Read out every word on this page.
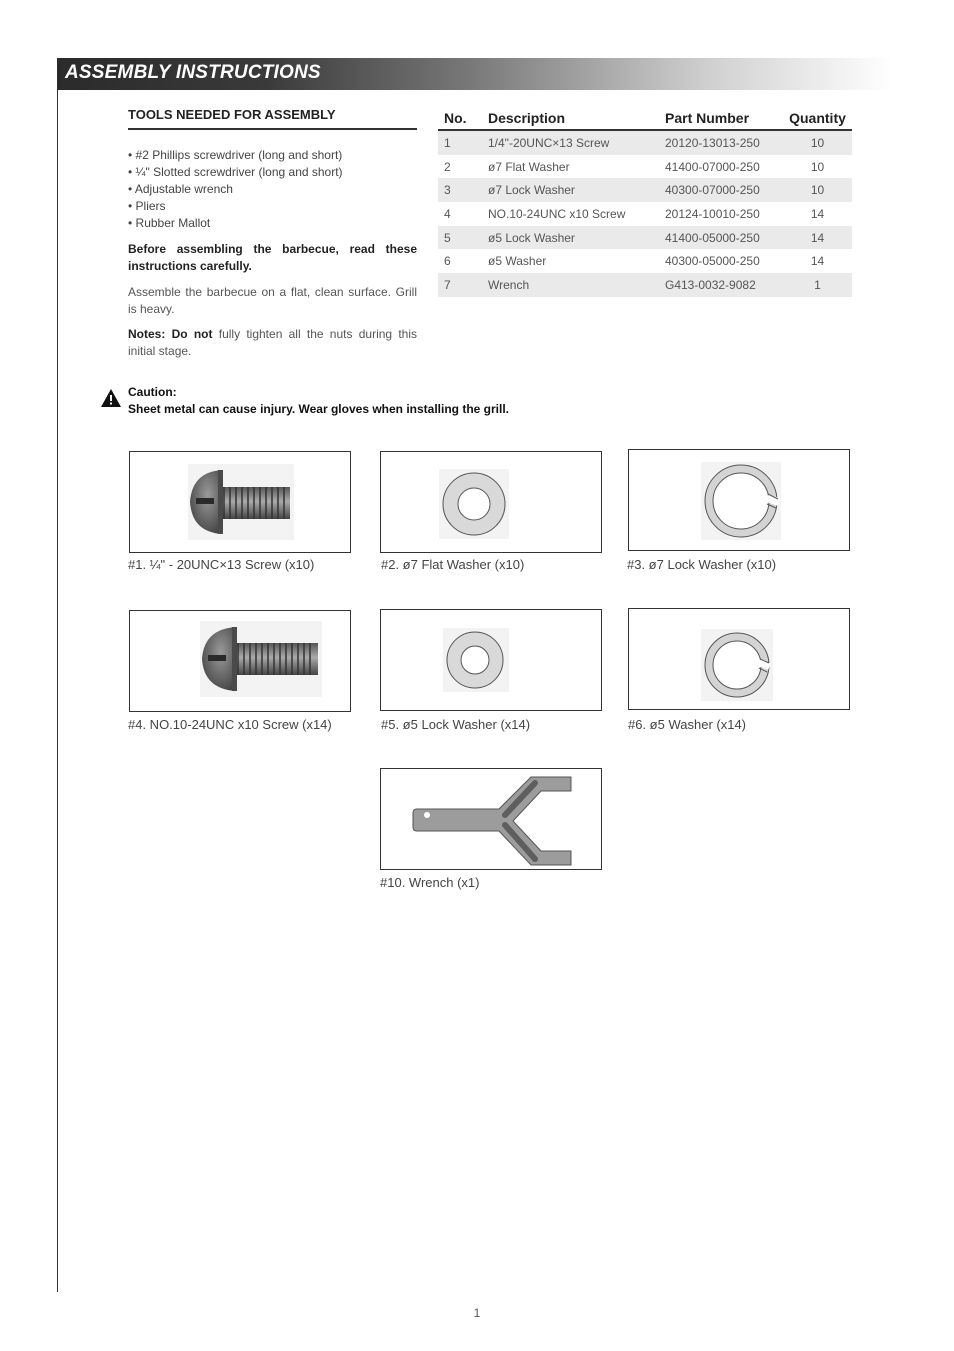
ASSEMBLY INSTRUCTIONS
TOOLS NEEDED FOR ASSEMBLY
• #2 Phillips screwdriver (long and short)
• ¼" Slotted screwdriver (long and short)
• Adjustable wrench
• Pliers
• Rubber Mallot

Before assembling the barbecue, read these instructions carefully.

Assemble the barbecue on a flat, clean surface. Grill is heavy.

Notes: Do not fully tighten all the nuts during this initial stage.

No.	Description	Part Number	Quantity
1	1/4"-20UNC×13 Screw	20120-13013-250	10
2	ø7 Flat Washer	41400-07000-250	10
3	ø7 Lock Washer	40300-07000-250	10
4	NO.10-24UNC x10 Screw	20124-10010-250	14
5	ø5 Lock Washer	41400-05000-250	14
6	ø5 Washer	40300-05000-250	14
7	Wrench	G413-0032-9082	1

Caution:

Sheet metal can cause injury. Wear gloves when installing the grill.

#1. ¼" - 20UNC×13 Screw (x10)	#2. ø7 Flat Washer (x10)	#3. ø7 Lock Washer (x10)

#4. NO.10-24UNC x10 Screw (x14)	#5. ø5 Lock Washer (x14)	#6. ø5 Washer (x14)

#10. Wrench (x1)

1
